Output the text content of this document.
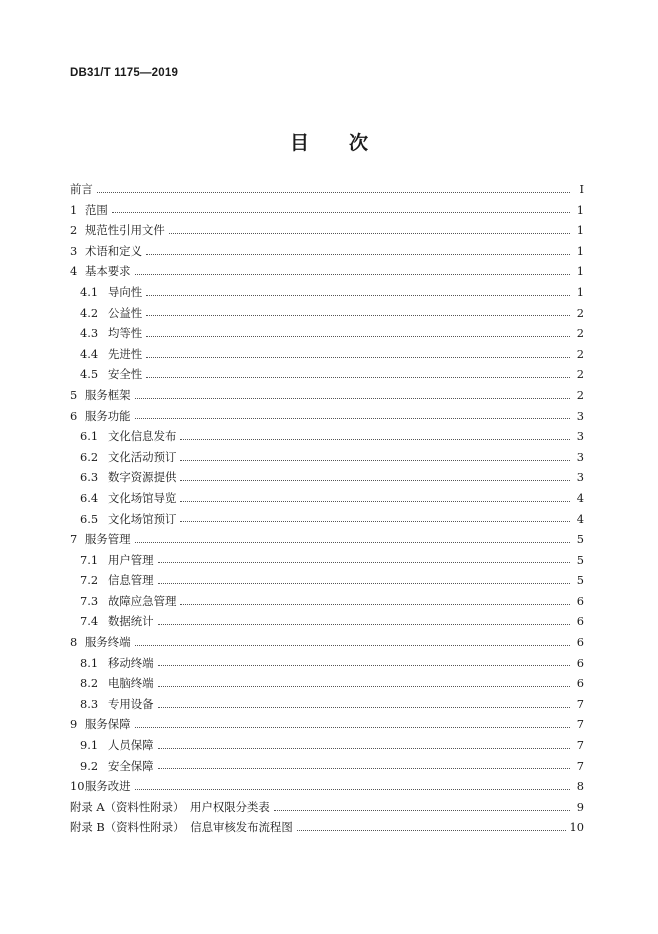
DB31/T 1175—2019
目次
前言	I
1 范围	1
2 规范性引用文件	1
3 术语和定义	1
4 基本要求	1
4.1 导向性	1
4.2 公益性	2
4.3 均等性	2
4.4 先进性	2
4.5 安全性	2
5 服务框架	2
6 服务功能	3
6.1 文化信息发布	3
6.2 文化活动预订	3
6.3 数字资源提供	3
6.4 文化场馆导览	4
6.5 文化场馆预订	4
7 服务管理	5
7.1 用户管理	5
7.2 信息管理	5
7.3 故障应急管理	6
7.4 数据统计	6
8 服务终端	6
8.1 移动终端	6
8.2 电脑终端	6
8.3 专用设备	7
9 服务保障	7
9.1 人员保障	7
9.2 安全保障	7
10 服务改进	8
附录 A（资料性附录）　用户权限分类表	9
附录 B（资料性附录）　信息审核发布流程图	10
